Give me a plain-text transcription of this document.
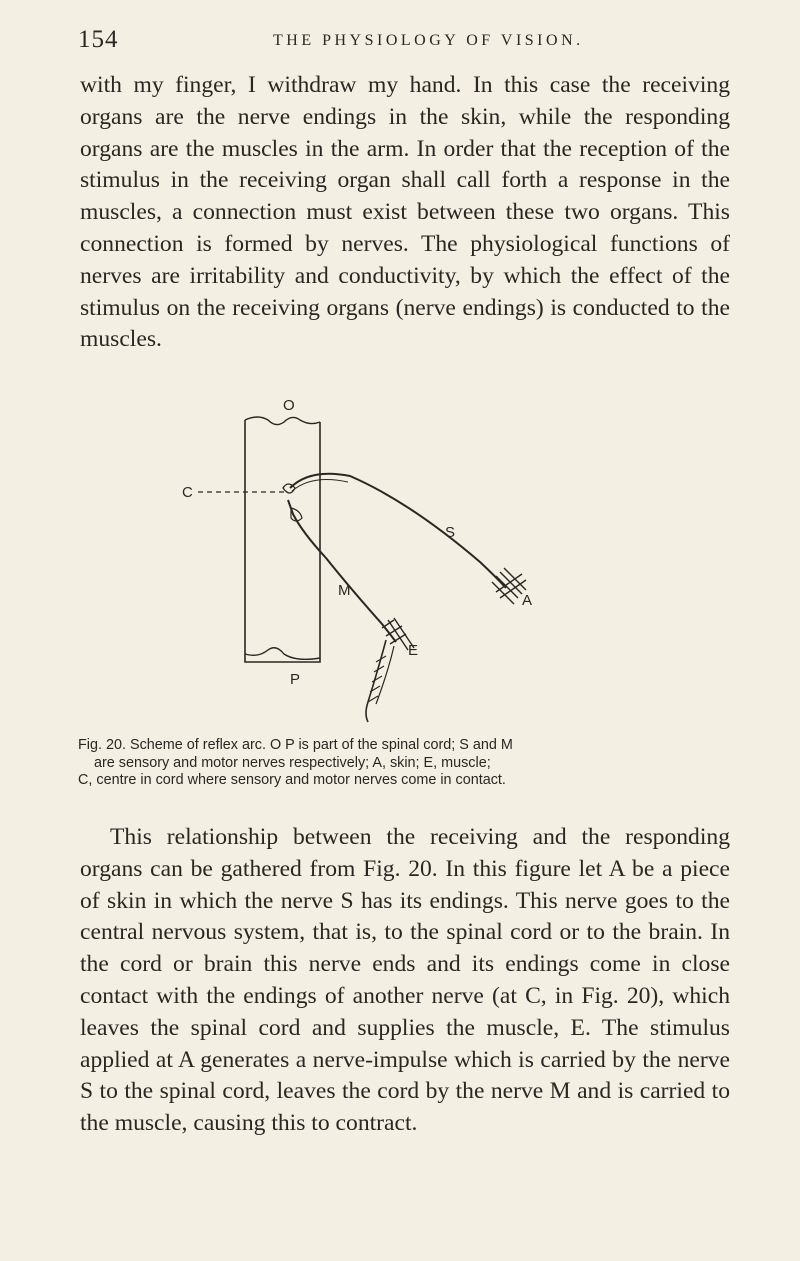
154	THE PHYSIOLOGY OF VISION.

with my finger, I withdraw my hand. In this case the receiving organs are the nerve endings in the skin, while the responding organs are the muscles in the arm. In order that the reception of the stimulus in the receiving organ shall call forth a response in the muscles, a connection must exist between these two organs. This connection is formed by nerves. The physiological functions of nerves are irritability and conductivity, by which the effect of the stimulus on the receiving organs (nerve endings) is conducted to the muscles.

O
C
S
M
A
E
P

Fig. 20. Scheme of reflex arc. O P is part of the spinal cord; S and M
are sensory and motor nerves respectively; A, skin; E, muscle;
C, centre in cord where sensory and motor nerves come in contact.

This relationship between the receiving and the responding organs can be gathered from Fig. 20. In this figure let A be a piece of skin in which the nerve S has its endings. This nerve goes to the central nervous system, that is, to the spinal cord or to the brain. In the cord or brain this nerve ends and its endings come in close contact with the endings of another nerve (at C, in Fig. 20), which leaves the spinal cord and supplies the muscle, E. The stimulus applied at A generates a nerve-impulse which is carried by the nerve S to the spinal cord, leaves the cord by the nerve M and is carried to the muscle, causing this to contract.
